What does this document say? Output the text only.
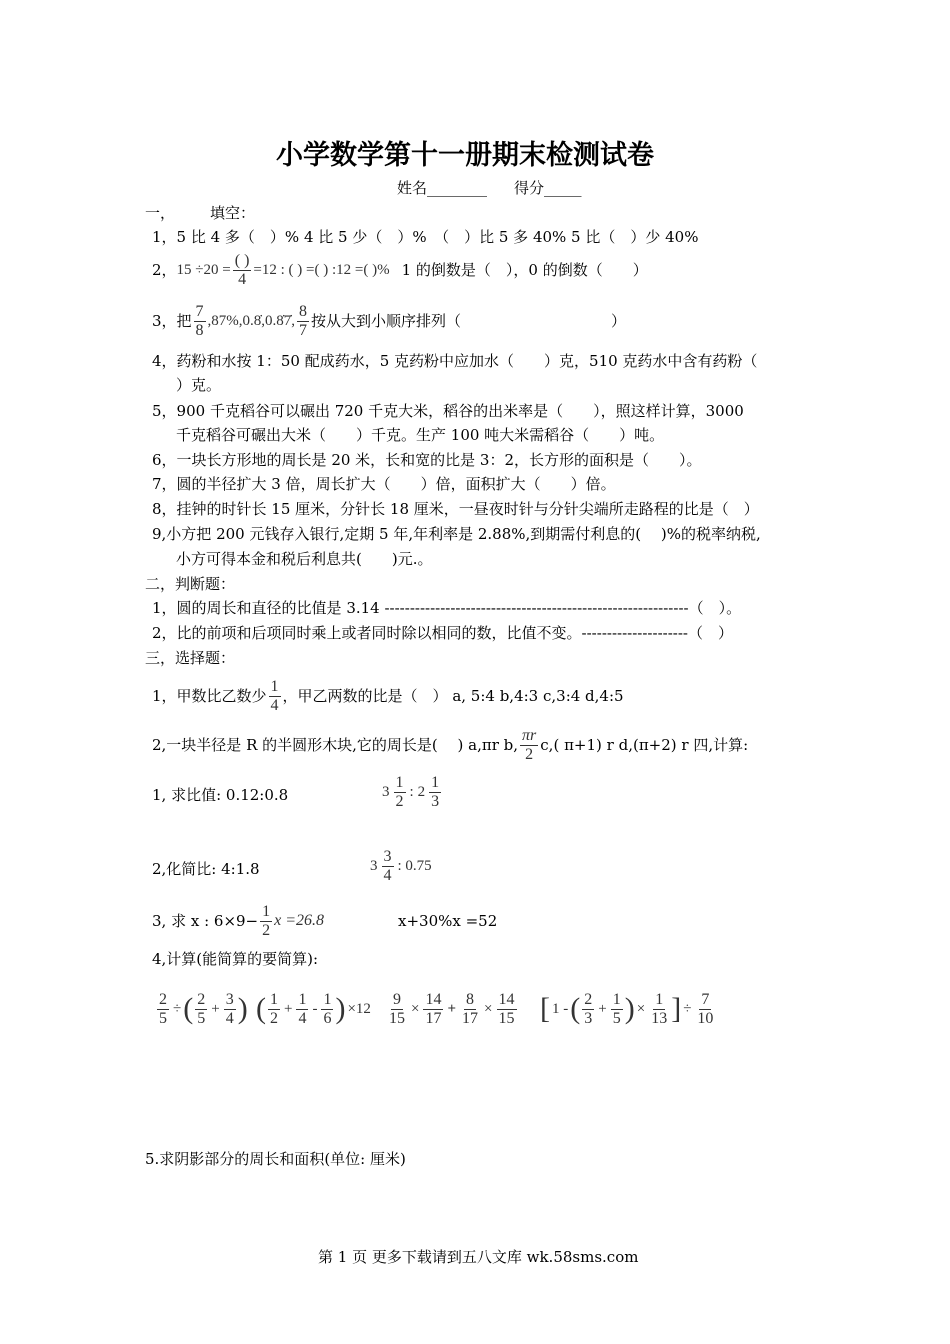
小学数学第十一册期末检测试卷
姓名________ 得分_____
一， 填空：
1，5 比 4 多（　）% 4 比 5 少（　）%　（　）比 5 多 40% 5 比（　）少 40%
2， $15 \div 20 = \frac{( )}{4} =12$ : ( ) =( ) :12 =( )% 1 的倒数是（　），0 的倒数（　　）
3，把 $\frac{7}{8}$ ,87%,0.8̇,0.8̇7̇, $\frac{8}{7}$ 按从大到小顺序排列（　　　　　　　　　　）
4，药粉和水按 1：50 配成药水，5 克药粉中应加水（　　）克，510 克药水中含有药粉（
）克。
5，900 千克稻谷可以碾出 720 千克大米，稻谷的出米率是（　　），照这样计算，3000
千克稻谷可碾出大米（　　）千克。生产 100 吨大米需稻谷（　　）吨。
6，一块长方形地的周长是 20 米，长和宽的比是 3：2，长方形的面积是（　　）。
7，圆的半径扩大 3 倍，周长扩大（　　）倍，面积扩大（　　）倍。
8，挂钟的时针长 15 厘米，分针长 18 厘米，一昼夜时针与分针尖端所走路程的比是（　）
9,小方把 200 元钱存入银行,定期 5 年,年利率是 2.88%,到期需付利息的(　 )%的税率纳税,
小方可得本金和税后利息共(　　)元.。
二，判断题：
1，圆的周长和直径的比值是 3.14 ------------------------------------------------------------（　）。
2，比的前项和后项同时乘上或者同时除以相同的数，比值不变。---------------------（　）
三，选择题：
1，甲数比乙数少 $\frac{1}{4}$ ，甲乙两数的比是（　） a, 5:4 b,4:3 c,3:4 d,4:5
2,一块半径是 R 的半圆形木块,它的周长是(　 ) a,πr b, $\frac{\pi r}{2} c$,( π+1) r d,(π+2) r 四,计算:
1, 求比值: 0.12:0.8	$3 \frac{1}{2}$ : $2 \frac{1}{3}$
2,化简比: 4:1.8	$3 \frac{3}{4}$ : 0.75
3, 求 x : $6\times 9- \frac{1}{2}$ x =26.8	x+30%x =52
4,计算(能简算的要简算):
$\frac{2}{5}$ ÷ ( $\frac{2}{5} + \frac{3}{4}$ ) ( $\frac{1}{2} + \frac{1}{4} - \frac{1}{6}$ ) $\times 12 \frac{9}{15} \times \frac{14}{17} + \frac{8}{17} \times \frac{14}{15}$ [ 1 - ( $\frac{2}{3} + \frac{1}{5}$ ) × $\frac{1}{13}$ ] ÷ $\frac{7}{10}$
5.求阴影部分的周长和面积(单位: 厘米)
第 1 页 更多下载请到五八文库 wk.58sms.com
